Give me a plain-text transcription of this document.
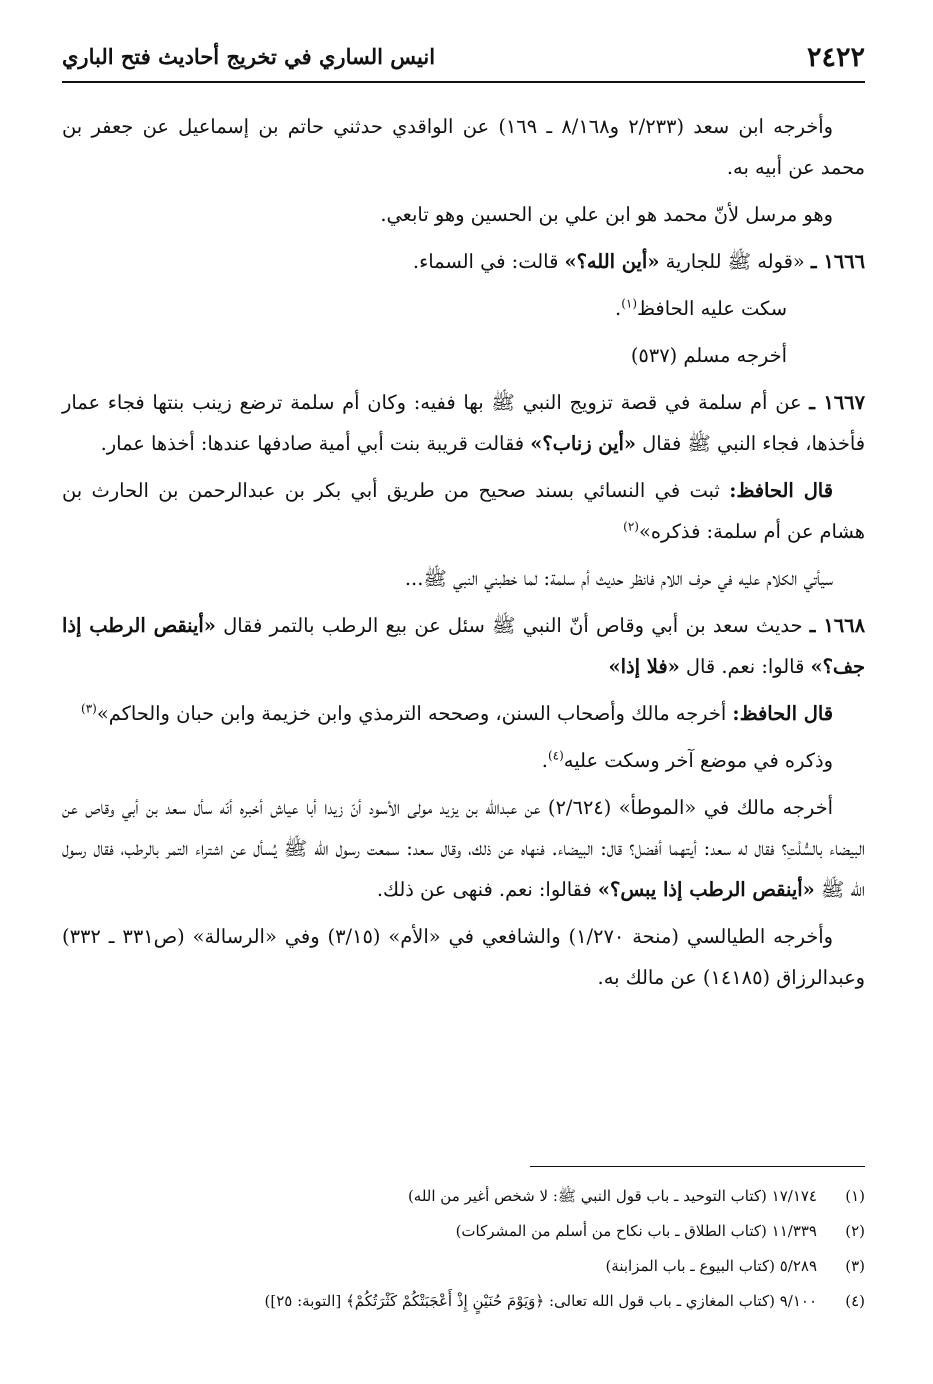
٢٤٢٢
انيس الساري في تخريج أحاديث فتح الباري

وأخرجه ابن سعد (٢/٢٣٣ و٨/١٦٨ ـ ١٦٩) عن الواقدي حدثني حاتم بن إسماعيل عن جعفر بن محمد عن أبيه به.

وهو مرسل لأنّ محمد هو ابن علي بن الحسين وهو تابعي.

١٦٦٦ ـ «قوله ﷺ للجارية «أين الله؟» قالت: في السماء.

سكت عليه الحافظ$^{(١)}$.

أخرجه مسلم (٥٣٧)

١٦٦٧ ـ عن أم سلمة في قصة تزويج النبي ﷺ بها ففيه: وكان أم سلمة ترضع زينب بنتها فجاء عمار فأخذها، فجاء النبي ﷺ فقال «أين زناب؟» فقالت قريبة بنت أبي أمية صادفها عندها: أخذها عمار.

قال الحافظ: ثبت في النسائي بسند صحيح من طريق أبي بكر بن عبدالرحمن بن الحارث بن هشام عن أم سلمة: فذكره»$^{(٢)}$

سيأتي الكلام عليه في حرف اللام فانظر حديث أم سلمة: لما خطبني النبي ﷺ...

١٦٦٨ ـ حديث سعد بن أبي وقاص أنّ النبي ﷺ سئل عن بيع الرطب بالتمر فقال «أينقص الرطب إذا جف؟» قالوا: نعم. قال «فلا إذا»

قال الحافظ: أخرجه مالك وأصحاب السنن، وصححه الترمذي وابن خزيمة وابن حبان والحاكم»$^{(٣)}$

وذكره في موضع آخر وسكت عليه$^{(٤)}$.

أخرجه مالك في «الموطأ» (٢/٦٢٤) عن عبدالله بن يزيد مولى الأسود أنّ زيدا أبا عياش أخبره أنّه سأل سعد بن أبي وقاص عن البيضاء بالسُّلْتِ؟ فقال له سعد: أيتهما أفضل؟ قال: البيضاء. فنهاه عن ذلك، وقال سعد: سمعت رسول الله ﷺ يُسأل عن اشتراء التمر بالرطب، فقال رسول الله ﷺ «أينقص الرطب إذا يبس؟» فقالوا: نعم. فنهى عن ذلك.

وأخرجه الطيالسي (منحة ١/٢٧٠) والشافعي في «الأم» (٣/١٥) وفي «الرسالة» (ص٣٣١ ـ ٣٣٢) وعبدالرزاق (١٤١٨٥) عن مالك به.

(١)
١٧/١٧٤ (كتاب التوحيد ـ باب قول النبي ﷺ: لا شخص أغير من الله)
(٢)
١١/٣٣٩ (كتاب الطلاق ـ باب نكاح من أسلم من المشركات)
(٣)
٥/٢٨٩ (كتاب البيوع ـ باب المزابنة)
(٤)
٩/١٠٠ (كتاب المغازي ـ باب قول الله تعالى: ﴿وَيَوْمَ حُنَيْنٍ إِذْ أَعْجَبَتْكُمْ كَثْرَتُكُمْ﴾ [التوبة: ٢٥])
